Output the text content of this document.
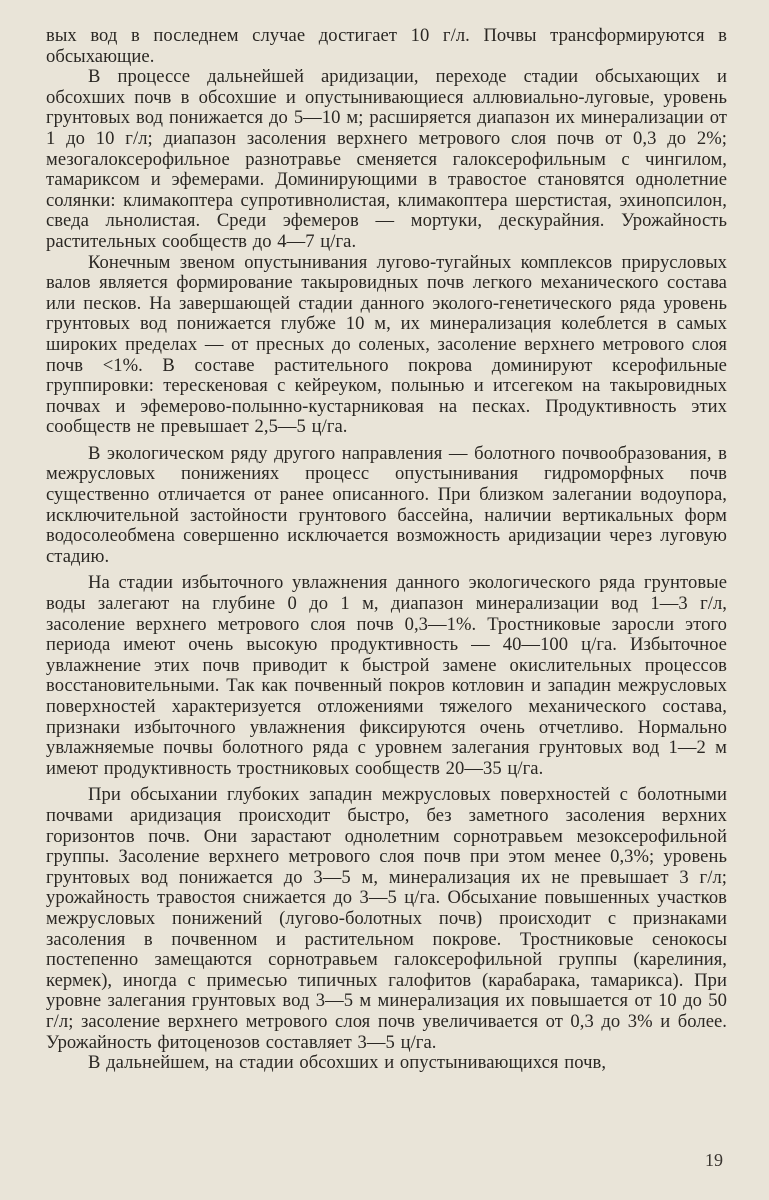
вых вод в последнем случае достигает 10 г/л. Почвы трансформируются в обсыхающие.

В процессе дальнейшей аридизации, переходе стадии обсыхающих и обсохших почв в обсохшие и опустынивающиеся аллювиально-луговые, уровень грунтовых вод понижается до 5—10 м; расширяется диапазон их минерализации от 1 до 10 г/л; диапазон засоления верхнего метрового слоя почв от 0,3 до 2%; мезогалоксерофильное разнотравье сменяется галоксерофильным с чингилом, тамариксом и эфемерами. Доминирующими в травостое становятся однолетние солянки: климакоптера супротивнолистая, климакоптера шерстистая, эхинопсилон, сведа льнолистая. Среди эфемеров — мортуки, дескурайния. Урожайность растительных сообществ до 4—7 ц/га.

Конечным звеном опустынивания лугово-тугайных комплексов прирусловых валов является формирование такыровидных почв легкого механического состава или песков. На завершающей стадии данного эколого-генетического ряда уровень грунтовых вод понижается глубже 10 м, их минерализация колеблется в самых широких пределах — от пресных до соленых, засоление верхнего метрового слоя почв <1%. В составе растительного покрова доминируют ксерофильные группировки: терескеновая с кейреуком, полынью и итсегеком на такыровидных почвах и эфемерово-полынно-кустарниковая на песках. Продуктивность этих сообществ не превышает 2,5—5 ц/га.

В экологическом ряду другого направления — болотного почвообразования, в межрусловых понижениях процесс опустынивания гидроморфных почв существенно отличается от ранее описанного. При близком залегании водоупора, исключительной застойности грунтового бассейна, наличии вертикальных форм водосолеобмена совершенно исключается возможность аридизации через луговую стадию.

На стадии избыточного увлажнения данного экологического ряда грунтовые воды залегают на глубине 0 до 1 м, диапазон минерализации вод 1—3 г/л, засоление верхнего метрового слоя почв 0,3—1%. Тростниковые заросли этого периода имеют очень высокую продуктивность — 40—100 ц/га. Избыточное увлажнение этих почв приводит к быстрой замене окислительных процессов восстановительными. Так как почвенный покров котловин и западин межрусловых поверхностей характеризуется отложениями тяжелого механического состава, признаки избыточного увлажнения фиксируются очень отчетливо. Нормально увлажняемые почвы болотного ряда с уровнем залегания грунтовых вод 1—2 м имеют продуктивность тростниковых сообществ 20—35 ц/га.

При обсыхании глубоких западин межрусловых поверхностей с болотными почвами аридизация происходит быстро, без заметного засоления верхних горизонтов почв. Они зарастают однолетним сорнотравьем мезоксерофильной группы. Засоление верхнего метрового слоя почв при этом менее 0,3%; уровень грунтовых вод понижается до 3—5 м, минерализация их не превышает 3 г/л; урожайность травостоя снижается до 3—5 ц/га. Обсыхание повышенных участков межрусловых понижений (лугово-болотных почв) происходит с признаками засоления в почвенном и растительном покрове. Тростниковые сенокосы постепенно замещаются сорнотравьем галоксерофильной группы (карелиния, кермек), иногда с примесью типичных галофитов (карабарака, тамарикса). При уровне залегания грунтовых вод 3—5 м минерализация их повышается от 10 до 50 г/л; засоление верхнего метрового слоя почв увеличивается от 0,3 до 3% и более. Урожайность фитоценозов составляет 3—5 ц/га.

В дальнейшем, на стадии обсохших и опустынивающихся почв,

19
